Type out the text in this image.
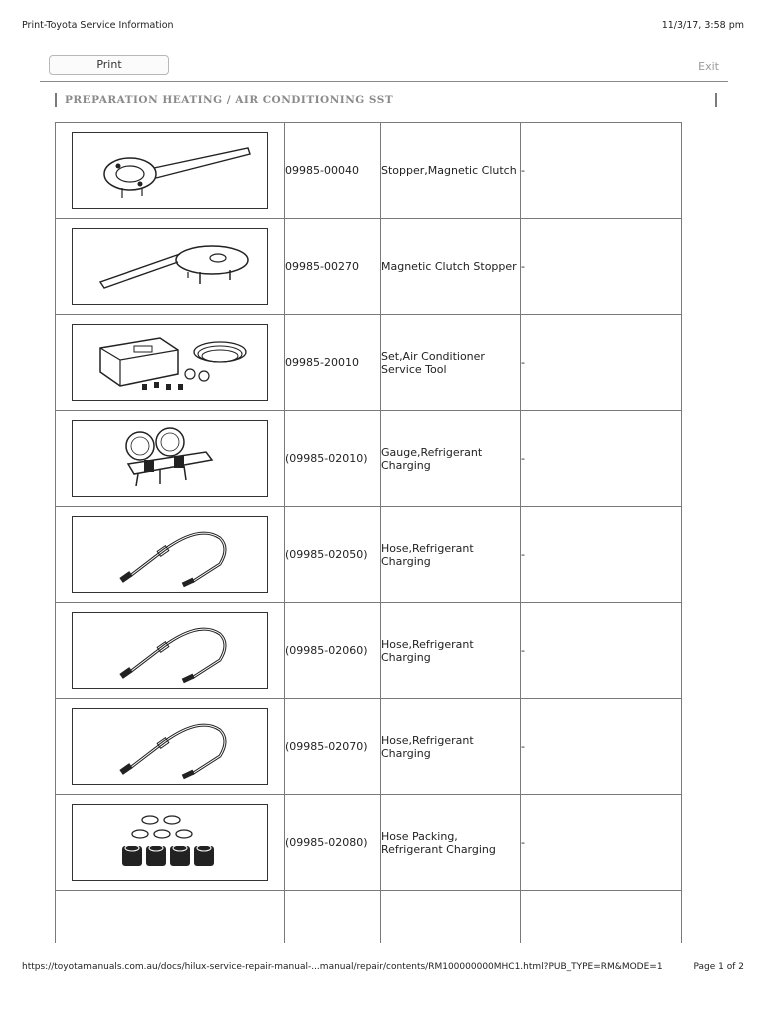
Print-Toyota Service Information	11/3/17, 3:58 pm
Print	Exit
PREPARATION HEATING / AIR CONDITIONING SST
	09985-00040	Stopper,Magnetic Clutch	-

	09985-00270	Magnetic Clutch Stopper	-

	09985-20010	Set,Air Conditioner Service Tool	-

	(09985-02010)	Gauge,Refrigerant Charging	-

	(09985-02050)	Hose,Refrigerant Charging	-

	(09985-02060)	Hose,Refrigerant Charging	-

	(09985-02070)	Hose,Refrigerant Charging	-

	(09985-02080)	Hose Packing, Refrigerant Charging	-

https://toyotamanuals.com.au/docs/hilux-service-repair-manual-...manual/repair/contents/RM100000000MHC1.html?PUB_TYPE=RM&MODE=1	Page 1 of 2
